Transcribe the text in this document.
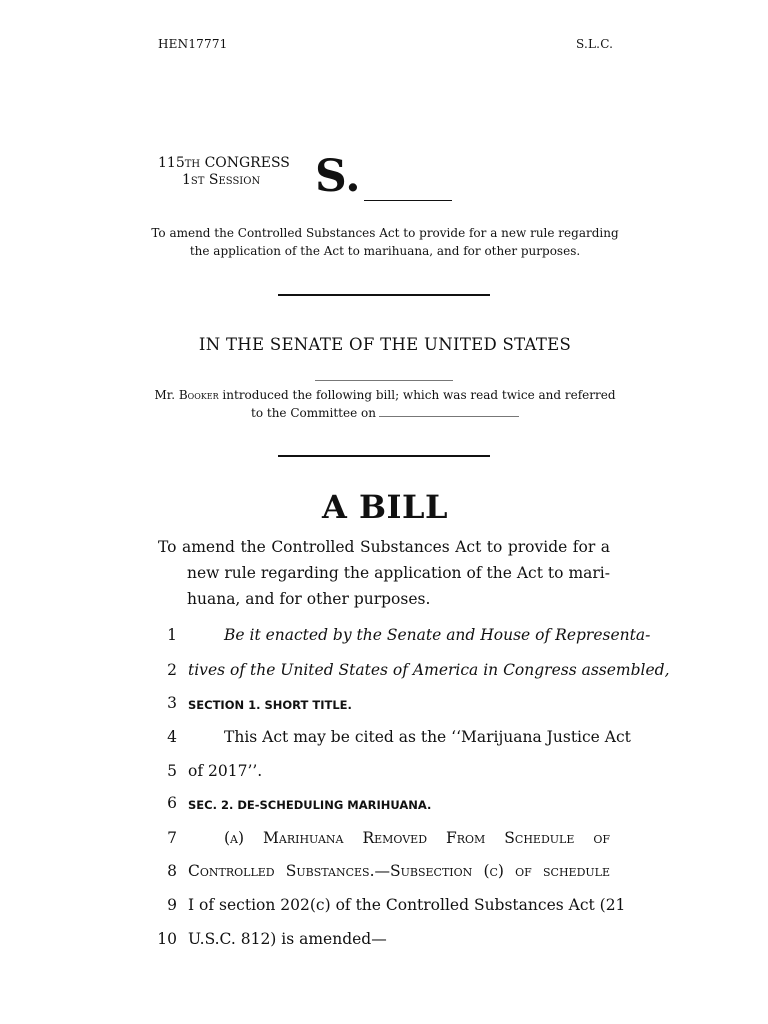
HEN17771	S.L.C.
115th CONGRESS
1st Session	S.
To amend the Controlled Substances Act to provide for a new rule regarding
the application of the Act to marihuana, and for other purposes.
IN THE SENATE OF THE UNITED STATES
Mr. Booker introduced the following bill; which was read twice and referred
to the Committee on
A BILL
To amend the Controlled Substances Act to provide for a
new rule regarding the application of the Act to mari-
huana, and for other purposes.
1	Be it enacted by the Senate and House of Representa-
2 tives of the United States of America in Congress assembled,
3 SECTION 1. SHORT TITLE.
4	This Act may be cited as the ‘‘Marijuana Justice Act
5 of 2017’’.
6 SEC. 2. DE-SCHEDULING MARIHUANA.
7	(a) Marihuana Removed From Schedule of
8 Controlled Substances.—Subsection (c) of schedule
9 I of section 202(c) of the Controlled Substances Act (21
10 U.S.C. 812) is amended—
